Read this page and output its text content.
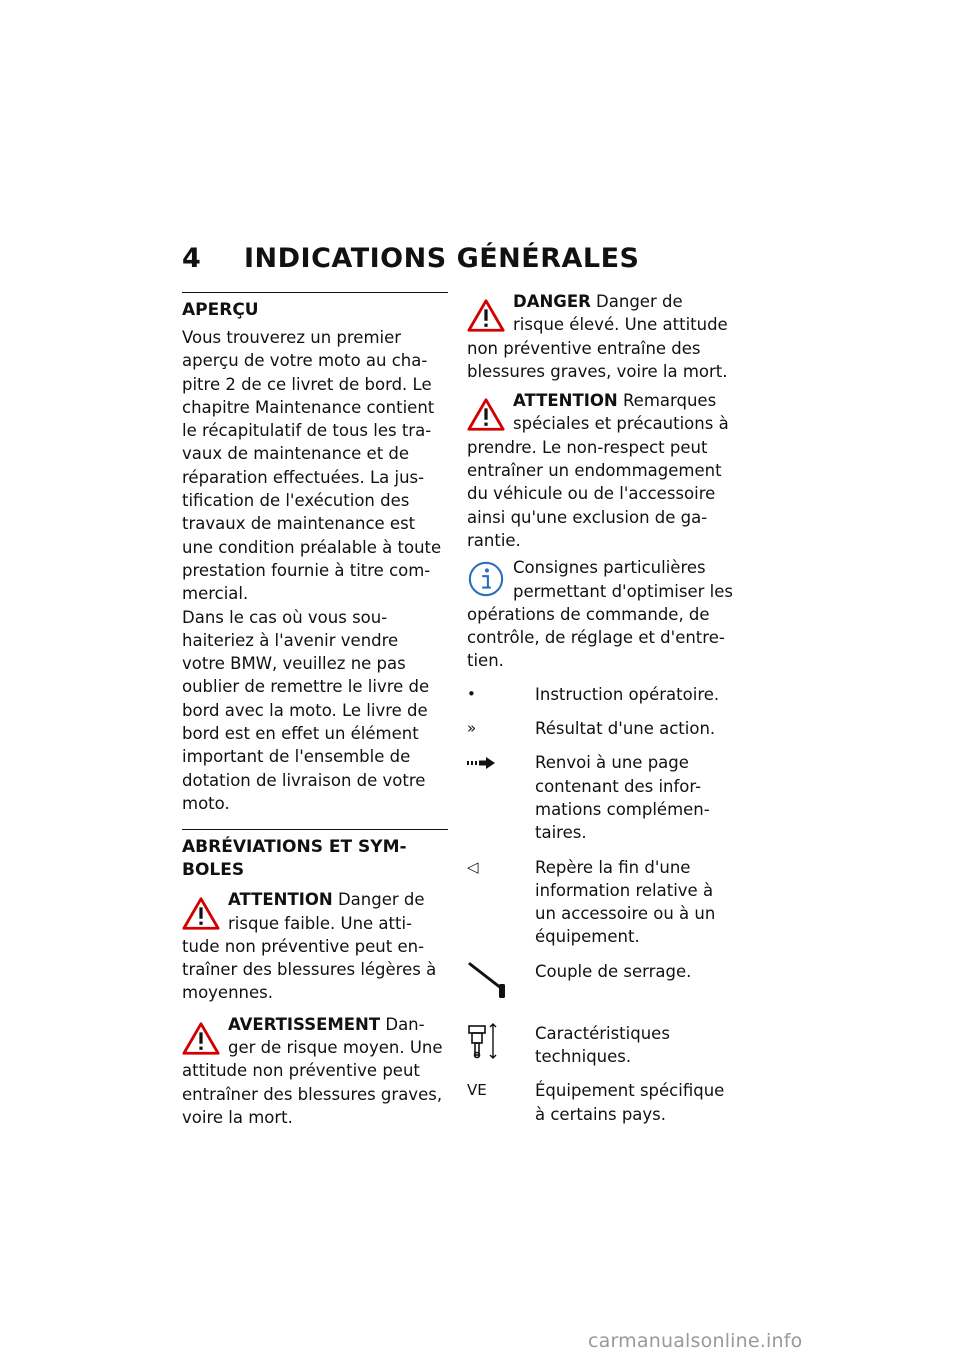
4 INDICATIONS GÉNÉRALES
APERÇU
Vous trouverez un premier
aperçu de votre moto au cha-
pitre 2 de ce livret de bord. Le
chapitre Maintenance contient
le récapitulatif de tous les tra-
vaux de maintenance et de
réparation effectuées. La jus-
tification de l'exécution des
travaux de maintenance est
une condition préalable à toute
prestation fournie à titre com-
mercial.
Dans le cas où vous sou-
haiteriez à l'avenir vendre
votre BMW, veuillez ne pas
oublier de remettre le livre de
bord avec la moto. Le livre de
bord est en effet un élément
important de l'ensemble de
dotation de livraison de votre
moto.
ABRÉVIATIONS ET SYM-
BOLES
ATTENTION Danger de
risque faible. Une atti-
tude non préventive peut en-
traîner des blessures légères à
moyennes.
AVERTISSEMENT Dan-
ger de risque moyen. Une
attitude non préventive peut
entraîner des blessures graves,
voire la mort.
DANGER Danger de
risque élevé. Une attitude
non préventive entraîne des
blessures graves, voire la mort.
ATTENTION Remarques
spéciales et précautions à
prendre. Le non-respect peut
entraîner un endommagement
du véhicule ou de l'accessoire
ainsi qu'une exclusion de ga-
rantie.
Consignes particulières
permettant d'optimiser les
opérations de commande, de
contrôle, de réglage et d'entre-
tien.
•	Instruction opératoire.
»	Résultat d'une action.
Renvoi à une page
contenant des infor-
mations complémen-
taires.
◁	Repère la fin d'une
information relative à
un accessoire ou à un
équipement.
Couple de serrage.
Caractéristiques
techniques.
VE	Équipement spécifique
à certains pays.
carmanualsonline.info
